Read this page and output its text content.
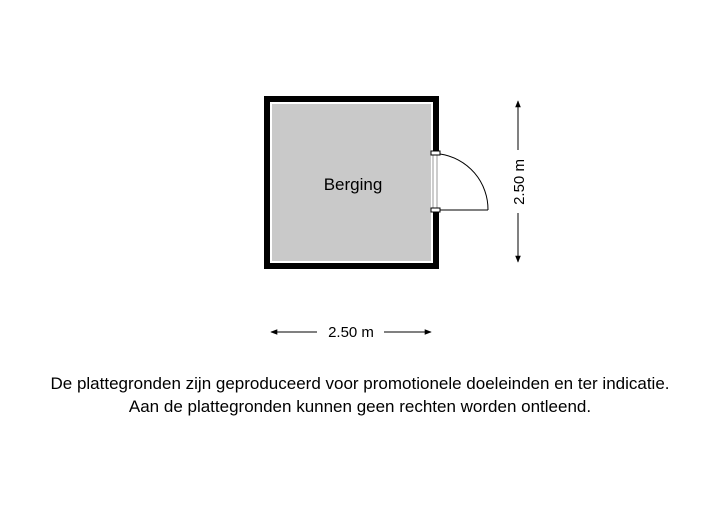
Berging	2.50 m
2.50 m
De plattegronden zijn geproduceerd voor promotionele doeleinden en ter indicatie.
Aan de plattegronden kunnen geen rechten worden ontleend.
